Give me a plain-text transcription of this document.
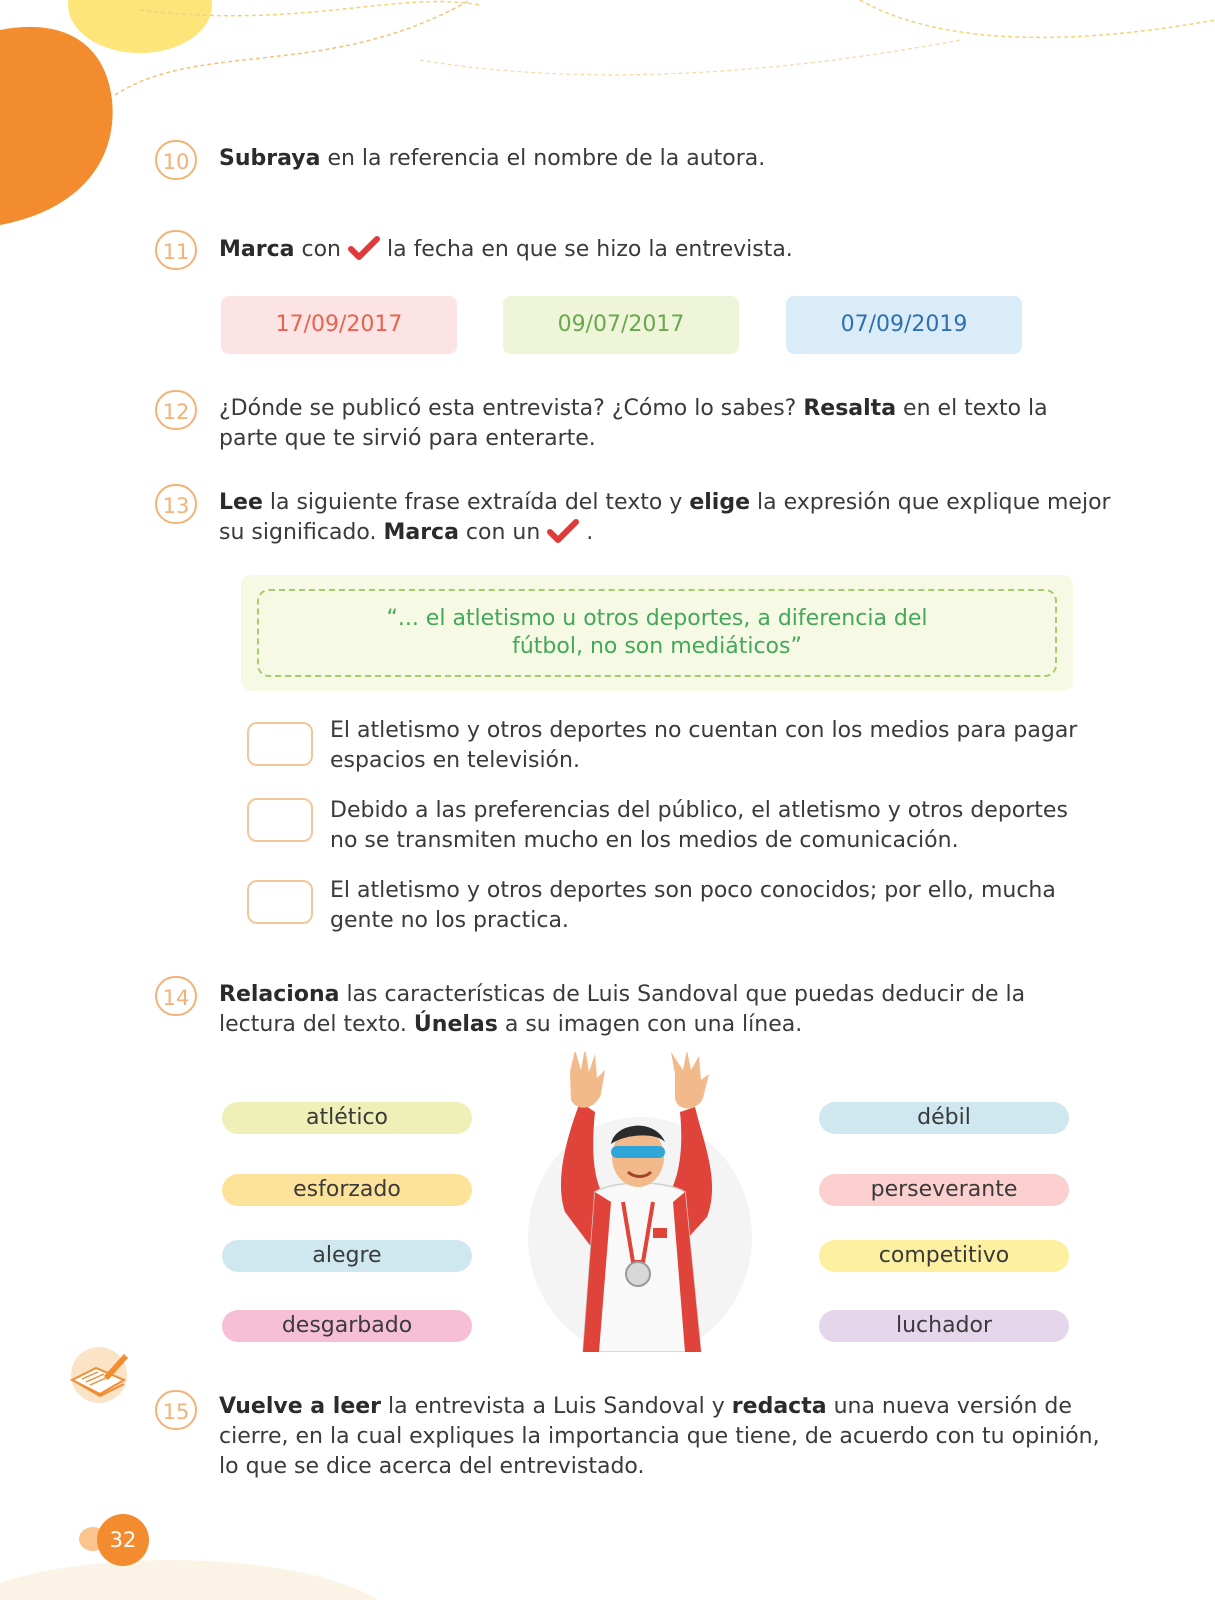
10	Subraya en la referencia el nombre de la autora.
11	Marca con  la fecha en que se hizo la entrevista.
17/09/2017	09/07/2017	07/09/2019
12	¿Dónde se publicó esta entrevista? ¿Cómo lo sabes? Resalta en el texto la parte que te sirvió para enterarte.
13	Lee la siguiente frase extraída del texto y elige la expresión que explique mejor su significado. Marca con un  .
“... el atletismo u otros deportes, a diferencia del fútbol, no son mediáticos”
El atletismo y otros deportes no cuentan con los medios para pagar espacios en televisión.
Debido a las preferencias del público, el atletismo y otros deportes no se transmiten mucho en los medios de comunicación.
El atletismo y otros deportes son poco conocidos; por ello, mucha gente no los practica.
14	Relaciona las características de Luis Sandoval que puedas deducir de la lectura del texto. Únelas a su imagen con una línea.
atlético
esforzado
alegre
desgarbado
débil
perseverante
competitivo
luchador
15	Vuelve a leer la entrevista a Luis Sandoval y redacta una nueva versión de cierre, en la cual expliques la importancia que tiene, de acuerdo con tu opinión, lo que se dice acerca del entrevistado.
32
